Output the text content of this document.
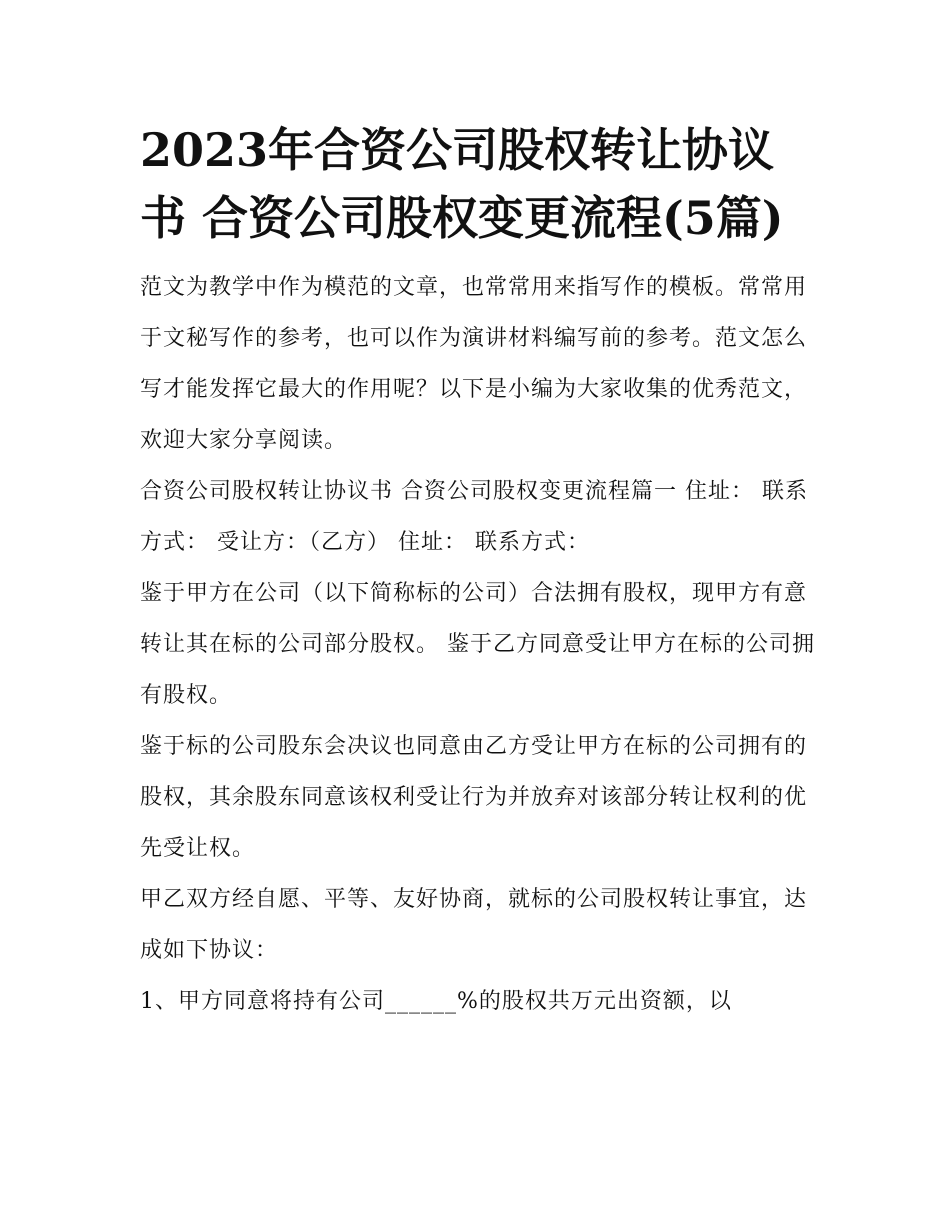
2023年合资公司股权转让协议书 合资公司股权变更流程(5篇)

范文为教学中作为模范的文章，也常常用来指写作的模板。常常用于文秘写作的参考，也可以作为演讲材料编写前的参考。范文怎么写才能发挥它最大的作用呢？以下是小编为大家收集的优秀范文，欢迎大家分享阅读。

合资公司股权转让协议书 合资公司股权变更流程篇一 住址： 联系方式： 受让方：（乙方） 住址： 联系方式：

鉴于甲方在公司（以下简称标的公司）合法拥有股权，现甲方有意转让其在标的公司部分股权。 鉴于乙方同意受让甲方在标的公司拥有股权。

鉴于标的公司股东会决议也同意由乙方受让甲方在标的公司拥有的股权，其余股东同意该权利受让行为并放弃对该部分转让权利的优先受让权。

甲乙双方经自愿、平等、友好协商，就标的公司股权转让事宜，达成如下协议：

1、甲方同意将持有公司______%的股权共万元出资额，以
